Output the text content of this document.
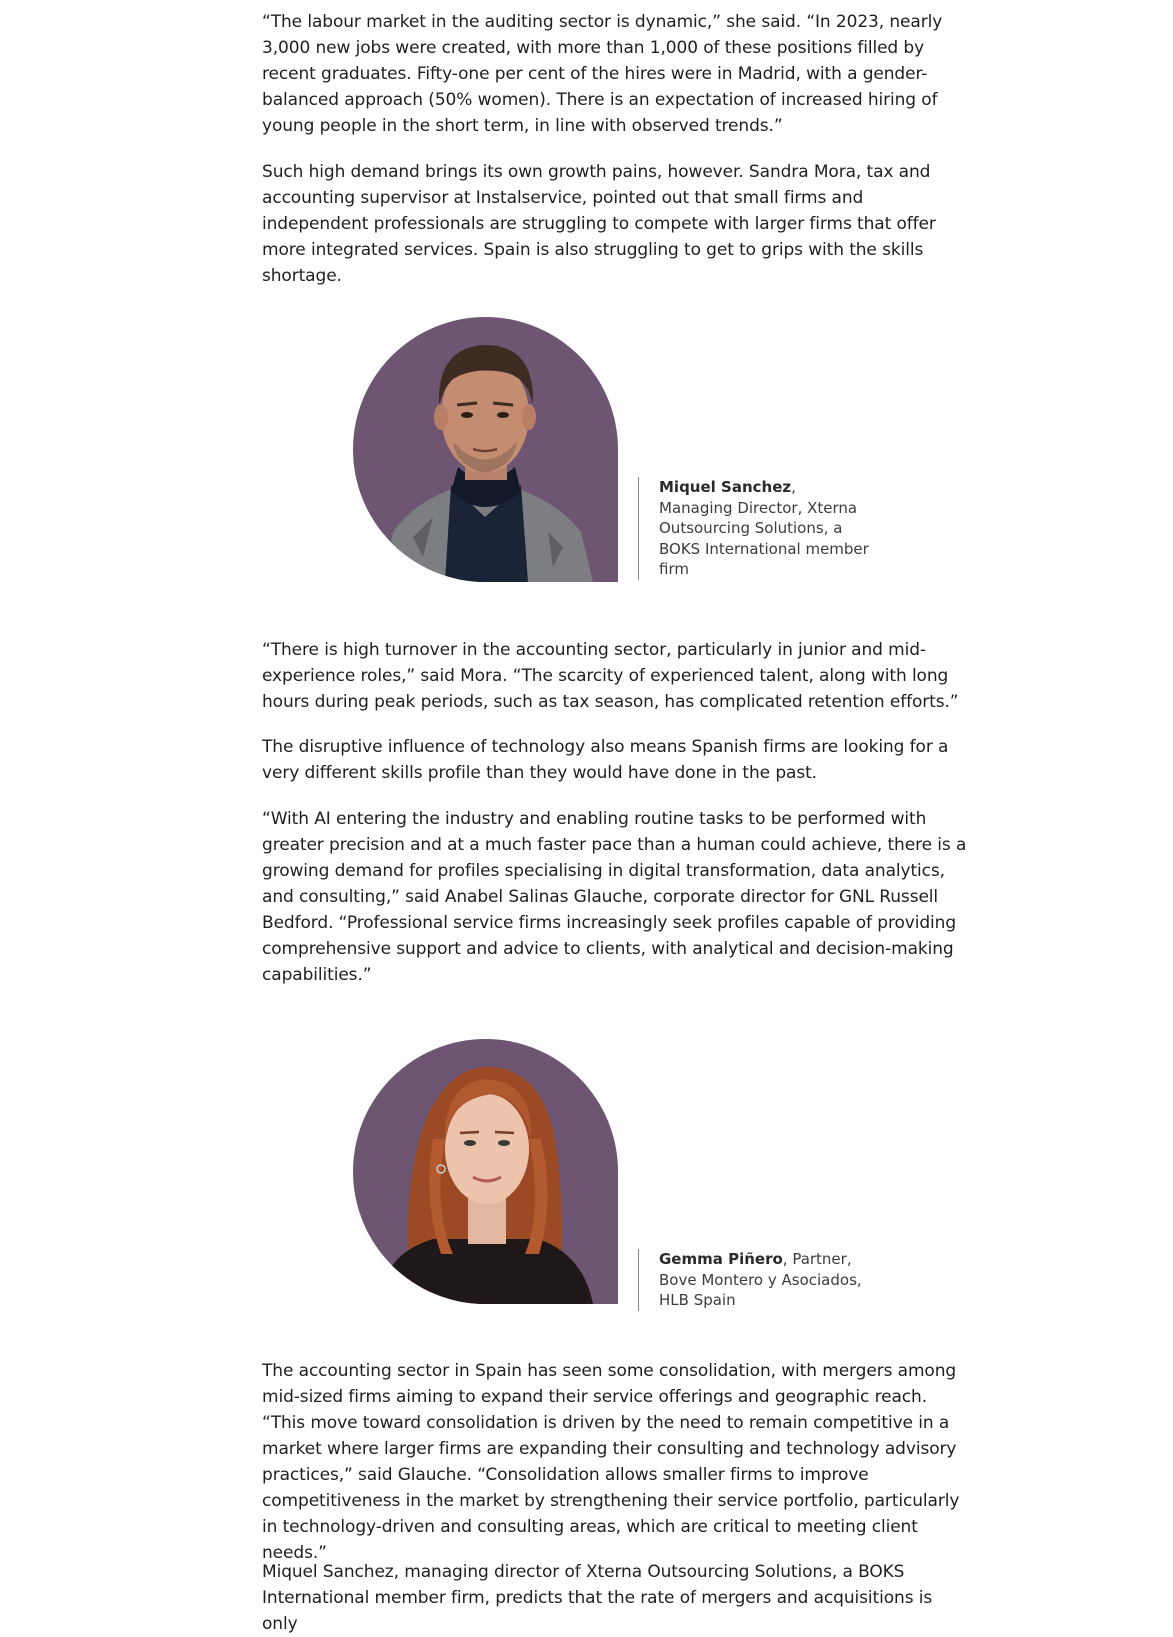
“The labour market in the auditing sector is dynamic,” she said. “In 2023, nearly 3,000 new jobs were created, with more than 1,000 of these positions filled by recent graduates. Fifty-one per cent of the hires were in Madrid, with a gender-balanced approach (50% women). There is an expectation of increased hiring of young people in the short term, in line with observed trends.”

Such high demand brings its own growth pains, however. Sandra Mora, tax and accounting supervisor at Instalservice, pointed out that small firms and independent professionals are struggling to compete with larger firms that offer more integrated services. Spain is also struggling to get to grips with the skills shortage.

“There is high turnover in the accounting sector, particularly in junior and mid-experience roles,” said Mora. “The scarcity of experienced talent, along with long hours during peak periods, such as tax season, has complicated retention efforts.”

The disruptive influence of technology also means Spanish firms are looking for a very different skills profile than they would have done in the past.

“With AI entering the industry and enabling routine tasks to be performed with greater precision and at a much faster pace than a human could achieve, there is a growing demand for profiles specialising in digital transformation, data analytics, and consulting,” said Anabel Salinas Glauche, corporate director for GNL Russell Bedford. “Professional service firms increasingly seek profiles capable of providing comprehensive support and advice to clients, with analytical and decision-making capabilities.”

The accounting sector in Spain has seen some consolidation, with mergers among mid-sized firms aiming to expand their service offerings and geographic reach. “This move toward consolidation is driven by the need to remain competitive in a market where larger firms are expanding their consulting and technology advisory practices,” said Glauche. “Consolidation allows smaller firms to improve competitiveness in the market by strengthening their service portfolio, particularly in technology-driven and consulting areas, which are critical to meeting client needs.”

Miquel Sanchez, managing director of Xterna Outsourcing Solutions, a BOKS International member firm, predicts that the rate of mergers and acquisitions is only

Miquel Sanchez, Managing Director, Xterna Outsourcing Solutions, a BOKS International member firm
Gemma Piñero, Partner, Bove Montero y Asociados, HLB Spain
